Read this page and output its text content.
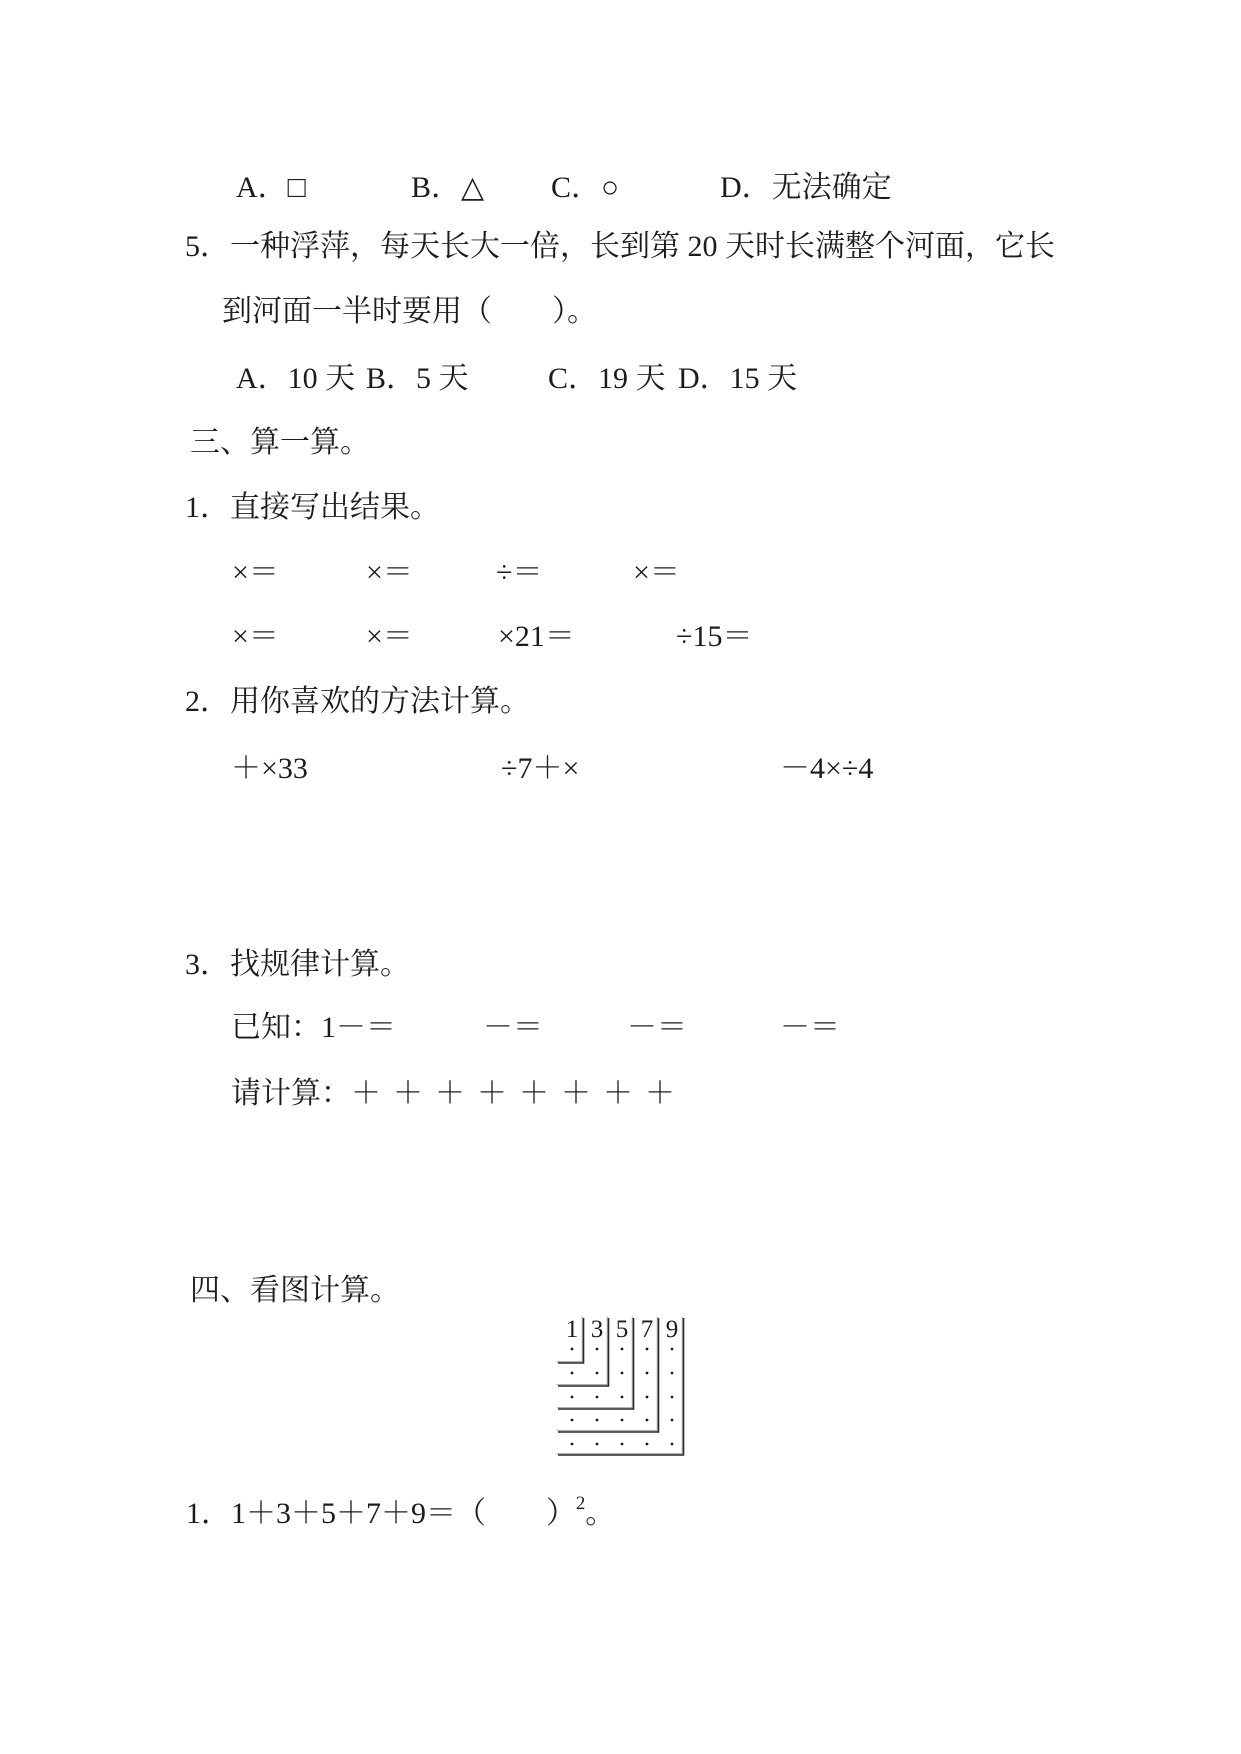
A．□	B．△ C．○	D．无法确定
5．一种浮萍，每天长大一倍，长到第 20 天时长满整个河面，它长
到河面一半时要用（　　）。
A．10 天 B．5 天	C．19 天 D．15 天
三、算一算。
1．直接写出结果。
×＝	×＝	÷＝	×＝
×＝	×＝	×21＝	÷15＝
2．用你喜欢的方法计算。
＋×33	÷7＋×	－4×÷4
3．找规律计算。
已知：1－＝	－＝	－＝	－＝
请计算：＋＋＋＋＋＋＋＋
四、看图计算。
1 3 5 7 9
1．1＋3＋5＋7＋9＝（　　）$^2$。
